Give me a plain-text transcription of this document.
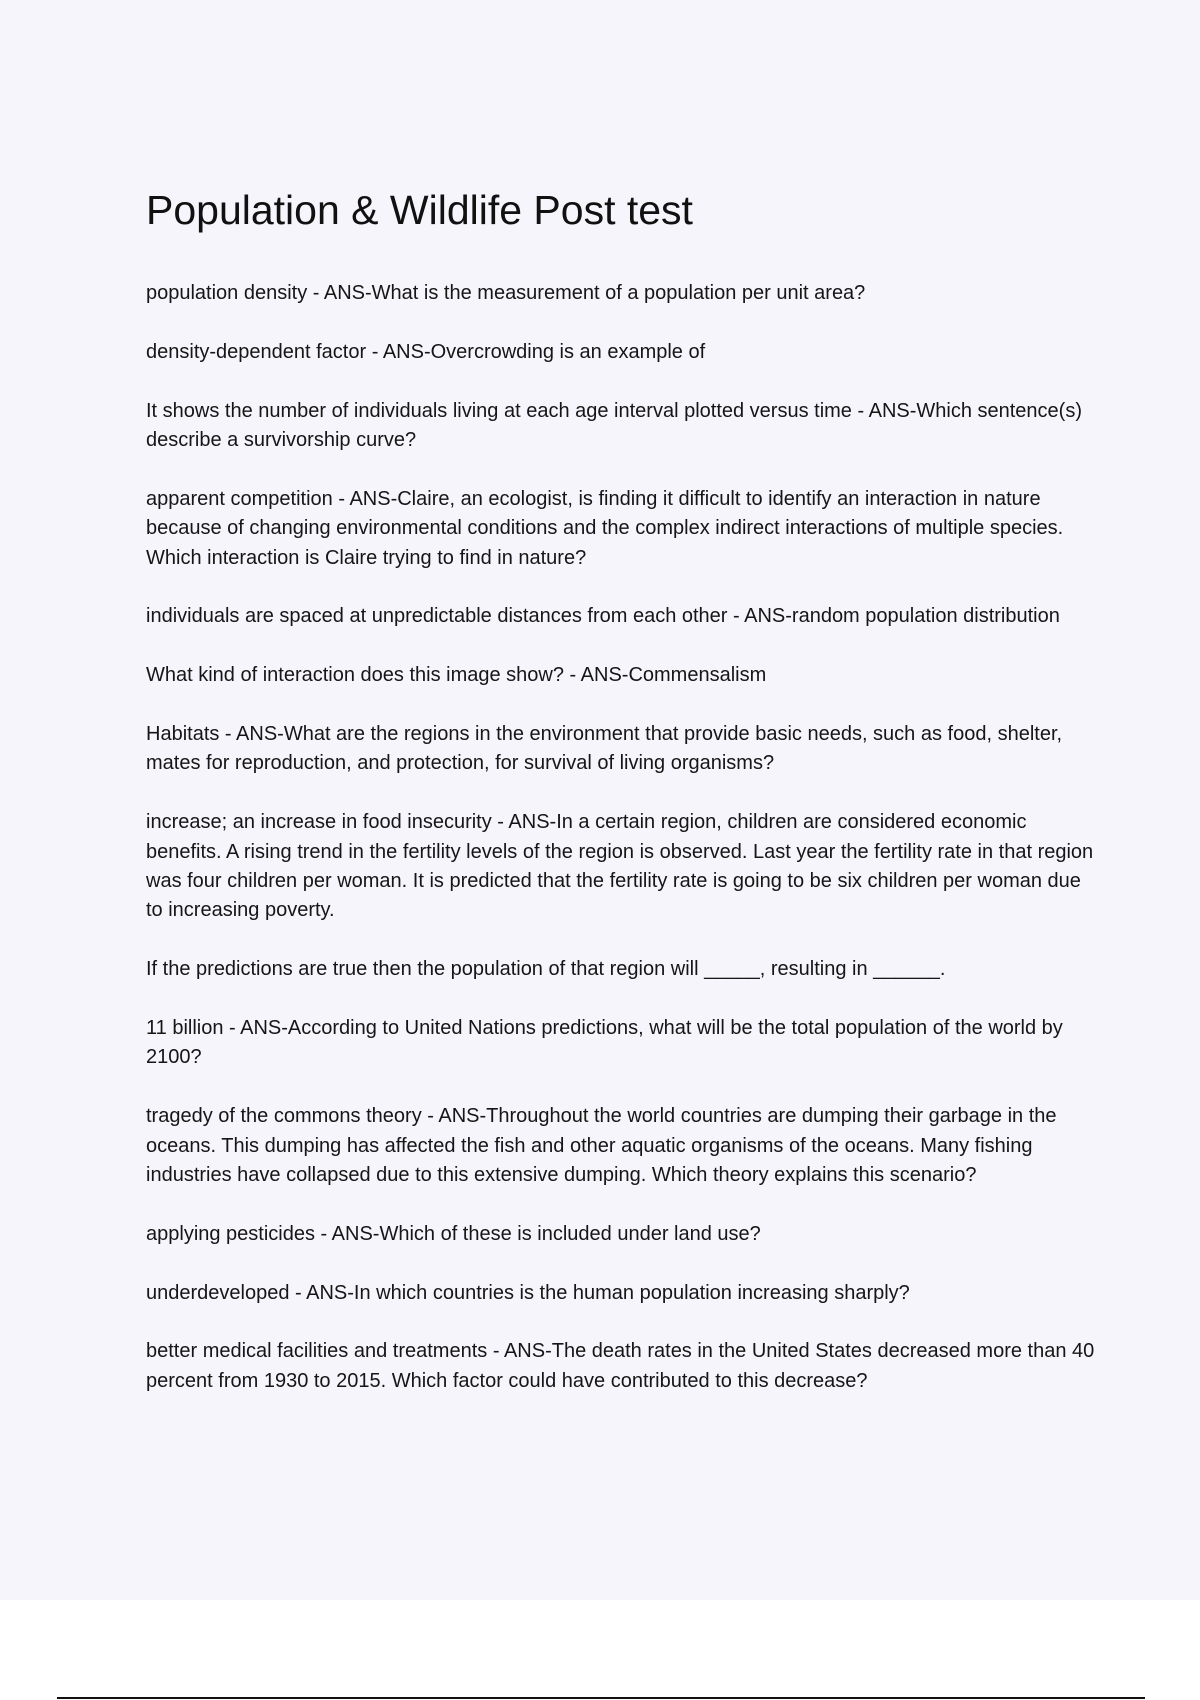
Population & Wildlife Post test

population density - ANS-What is the measurement of a population per unit area?

density-dependent factor - ANS-Overcrowding is an example of

It shows the number of individuals living at each age interval plotted versus time - ANS-Which sentence(s) describe a survivorship curve?

apparent competition - ANS-Claire, an ecologist, is finding it difficult to identify an interaction in nature because of changing environmental conditions and the complex indirect interactions of multiple species. Which interaction is Claire trying to find in nature?

individuals are spaced at unpredictable distances from each other - ANS-random population distribution

What kind of interaction does this image show? - ANS-Commensalism

Habitats - ANS-What are the regions in the environment that provide basic needs, such as food, shelter, mates for reproduction, and protection, for survival of living organisms?

increase; an increase in food insecurity - ANS-In a certain region, children are considered economic benefits. A rising trend in the fertility levels of the region is observed. Last year the fertility rate in that region was four children per woman. It is predicted that the fertility rate is going to be six children per woman due to increasing poverty.

If the predictions are true then the population of that region will _____, resulting in ______.

11 billion - ANS-According to United Nations predictions, what will be the total population of the world by 2100?

tragedy of the commons theory - ANS-Throughout the world countries are dumping their garbage in the oceans. This dumping has affected the fish and other aquatic organisms of the oceans. Many fishing industries have collapsed due to this extensive dumping. Which theory explains this scenario?

applying pesticides - ANS-Which of these is included under land use?

underdeveloped - ANS-In which countries is the human population increasing sharply?

better medical facilities and treatments - ANS-The death rates in the United States decreased more than 40 percent from 1930 to 2015. Which factor could have contributed to this decrease?
